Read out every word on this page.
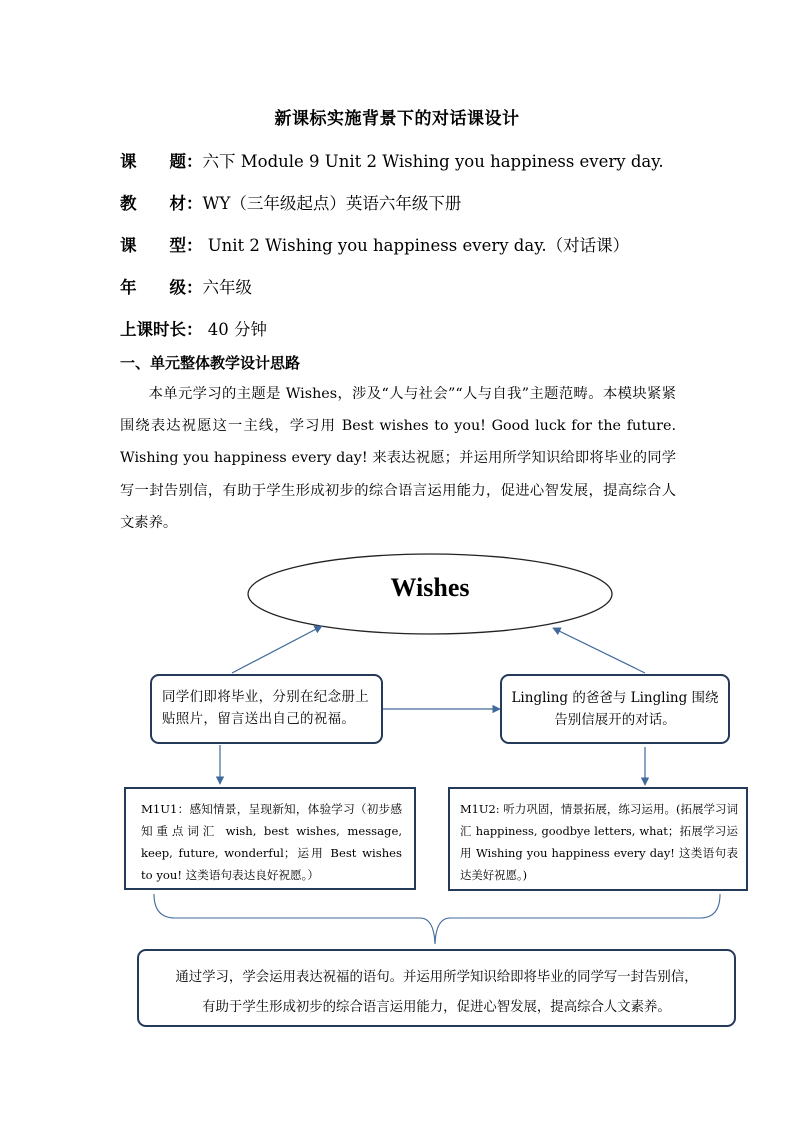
新课标实施背景下的对话课设计
课　　题：六下 Module 9 Unit 2 Wishing you happiness every day.
教　　材：WY（三年级起点）英语六年级下册
课　　型： Unit 2 Wishing you happiness every day.（对话课）
年　　级：六年级
上课时长： 40 分钟
一、单元整体教学设计思路
本单元学习的主题是 Wishes，涉及“人与社会”“人与自我”主题范畴。本模块紧紧围绕表达祝愿这一主线，学习用 Best wishes to you! Good luck for the future. Wishing you happiness every day! 来表达祝愿；并运用所学知识给即将毕业的同学写一封告别信，有助于学生形成初步的综合语言运用能力，促进心智发展，提高综合人文素养。
Wishes
同学们即将毕业，分别在纪念册上贴照片，留言送出自己的祝福。
Lingling 的爸爸与 Lingling 围绕告别信展开的对话。
M1U1：感知情景，呈现新知，体验学习（初步感知重点词汇 wish, best wishes, message, keep, future, wonderful；运用 Best wishes to you! 这类语句表达良好祝愿。）
M1U2: 听力巩固，情景拓展，练习运用。(拓展学习词汇 happiness, goodbye letters, what；拓展学习运用 Wishing you happiness every day! 这类语句表达美好祝愿。)
通过学习，学会运用表达祝福的语句。并运用所学知识给即将毕业的同学写一封告别信，
有助于学生形成初步的综合语言运用能力，促进心智发展，提高综合人文素养。
